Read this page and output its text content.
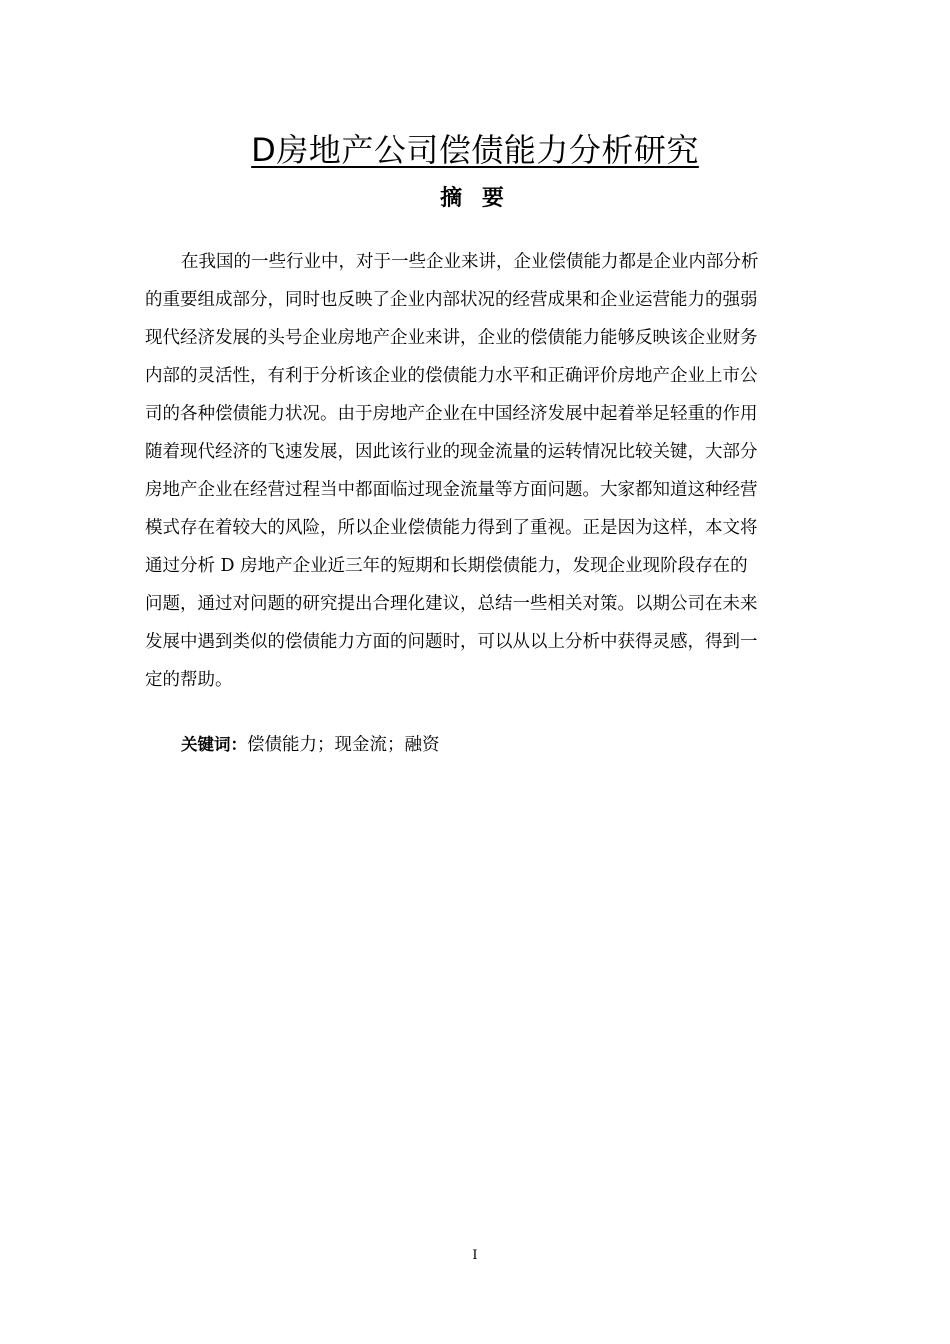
D房地产公司偿债能力分析研究
摘 要
在我国的一些行业中，对于一些企业来讲，企业偿债能力都是企业内部分析
的重要组成部分，同时也反映了企业内部状况的经营成果和企业运营能力的强弱
现代经济发展的头号企业房地产企业来讲，企业的偿债能力能够反映该企业财务
内部的灵活性，有利于分析该企业的偿债能力水平和正确评价房地产企业上市公
司的各种偿债能力状况。由于房地产企业在中国经济发展中起着举足轻重的作用
随着现代经济的飞速发展，因此该行业的现金流量的运转情况比较关键，大部分
房地产企业在经营过程当中都面临过现金流量等方面问题。大家都知道这种经营
模式存在着较大的风险，所以企业偿债能力得到了重视。正是因为这样，本文将
通过分析 D 房地产企业近三年的短期和长期偿债能力，发现企业现阶段存在的
问题，通过对问题的研究提出合理化建议，总结一些相关对策。以期公司在未来
发展中遇到类似的偿债能力方面的问题时，可以从以上分析中获得灵感，得到一
定的帮助。
关键词：偿债能力；现金流；融资
I
